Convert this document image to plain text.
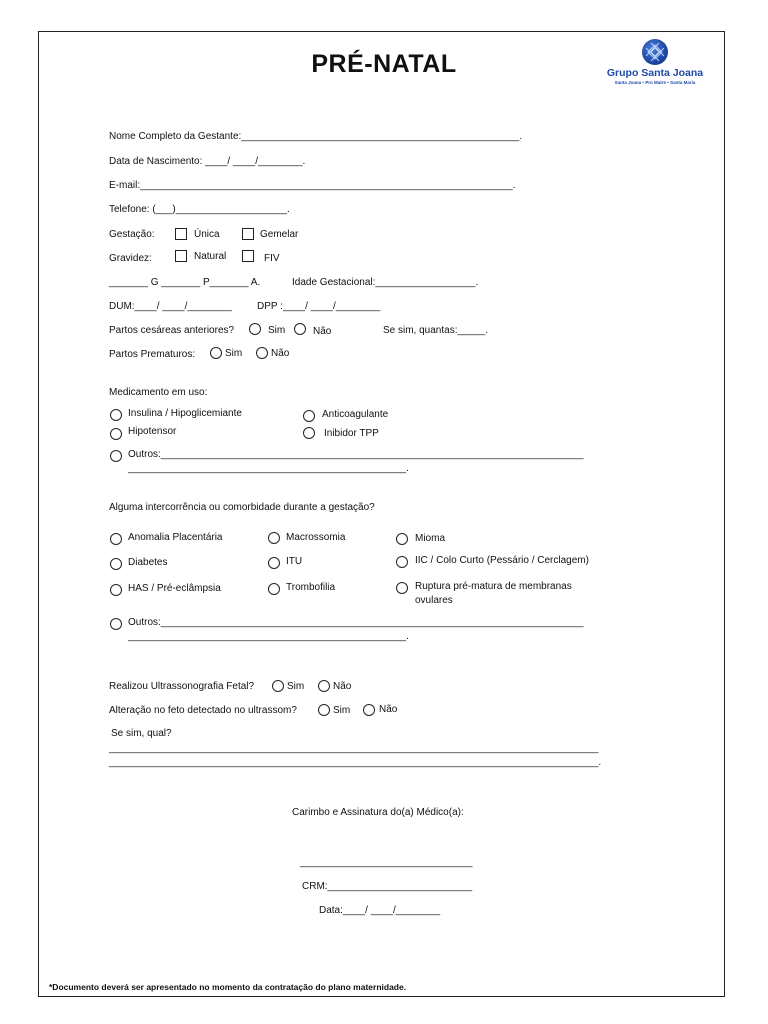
PRÉ-NATAL	Grupo Santa Joana
Santa Joana • Pro Matre • Santa Maria
Nome Completo da Gestante:__________________________________________________.
Data de Nascimento: ____/ ____/________.
E-mail:___________________________________________________________________.
Telefone: (___)____________________.
Gestação:	Única	Gemelar
Gravidez:	Natural	FIV
_______ G _______ P_______ A.	Idade Gestacional:__________________.
DUM:____/ ____/________	DPP :____/ ____/________
Partos cesáreas anteriores?	Sim	Não	Se sim, quantas:_____.
Partos Prematuros:	Sim	Não
Medicamento em uso:
Insulina / Hipoglicemiante	Anticoagulante
Hipotensor	Inibidor TPP
Outros:____________________________________________________________________________
__________________________________________________.
Alguma intercorrência ou comorbidade durante a gestação?
Anomalia Placentária	Macrossomia	Mioma
Diabetes	ITU	IIC / Colo Curto (Pessário / Cerclagem)
HAS / Pré-eclâmpsia	Trombofilia	Ruptura pré-matura de membranas
ovulares
Outros:____________________________________________________________________________
__________________________________________________.
Realizou Ultrassonografia Fetal?	Sim	Não
Alteração no feto detectado no ultrassom?	Sim	Não
Se sim, qual?
________________________________________________________________________________________
________________________________________________________________________________________.
Carimbo e Assinatura do(a) Médico(a):
_______________________________
CRM:__________________________
Data:____/ ____/________
*Documento deverá ser apresentado no momento da contratação do plano maternidade.
